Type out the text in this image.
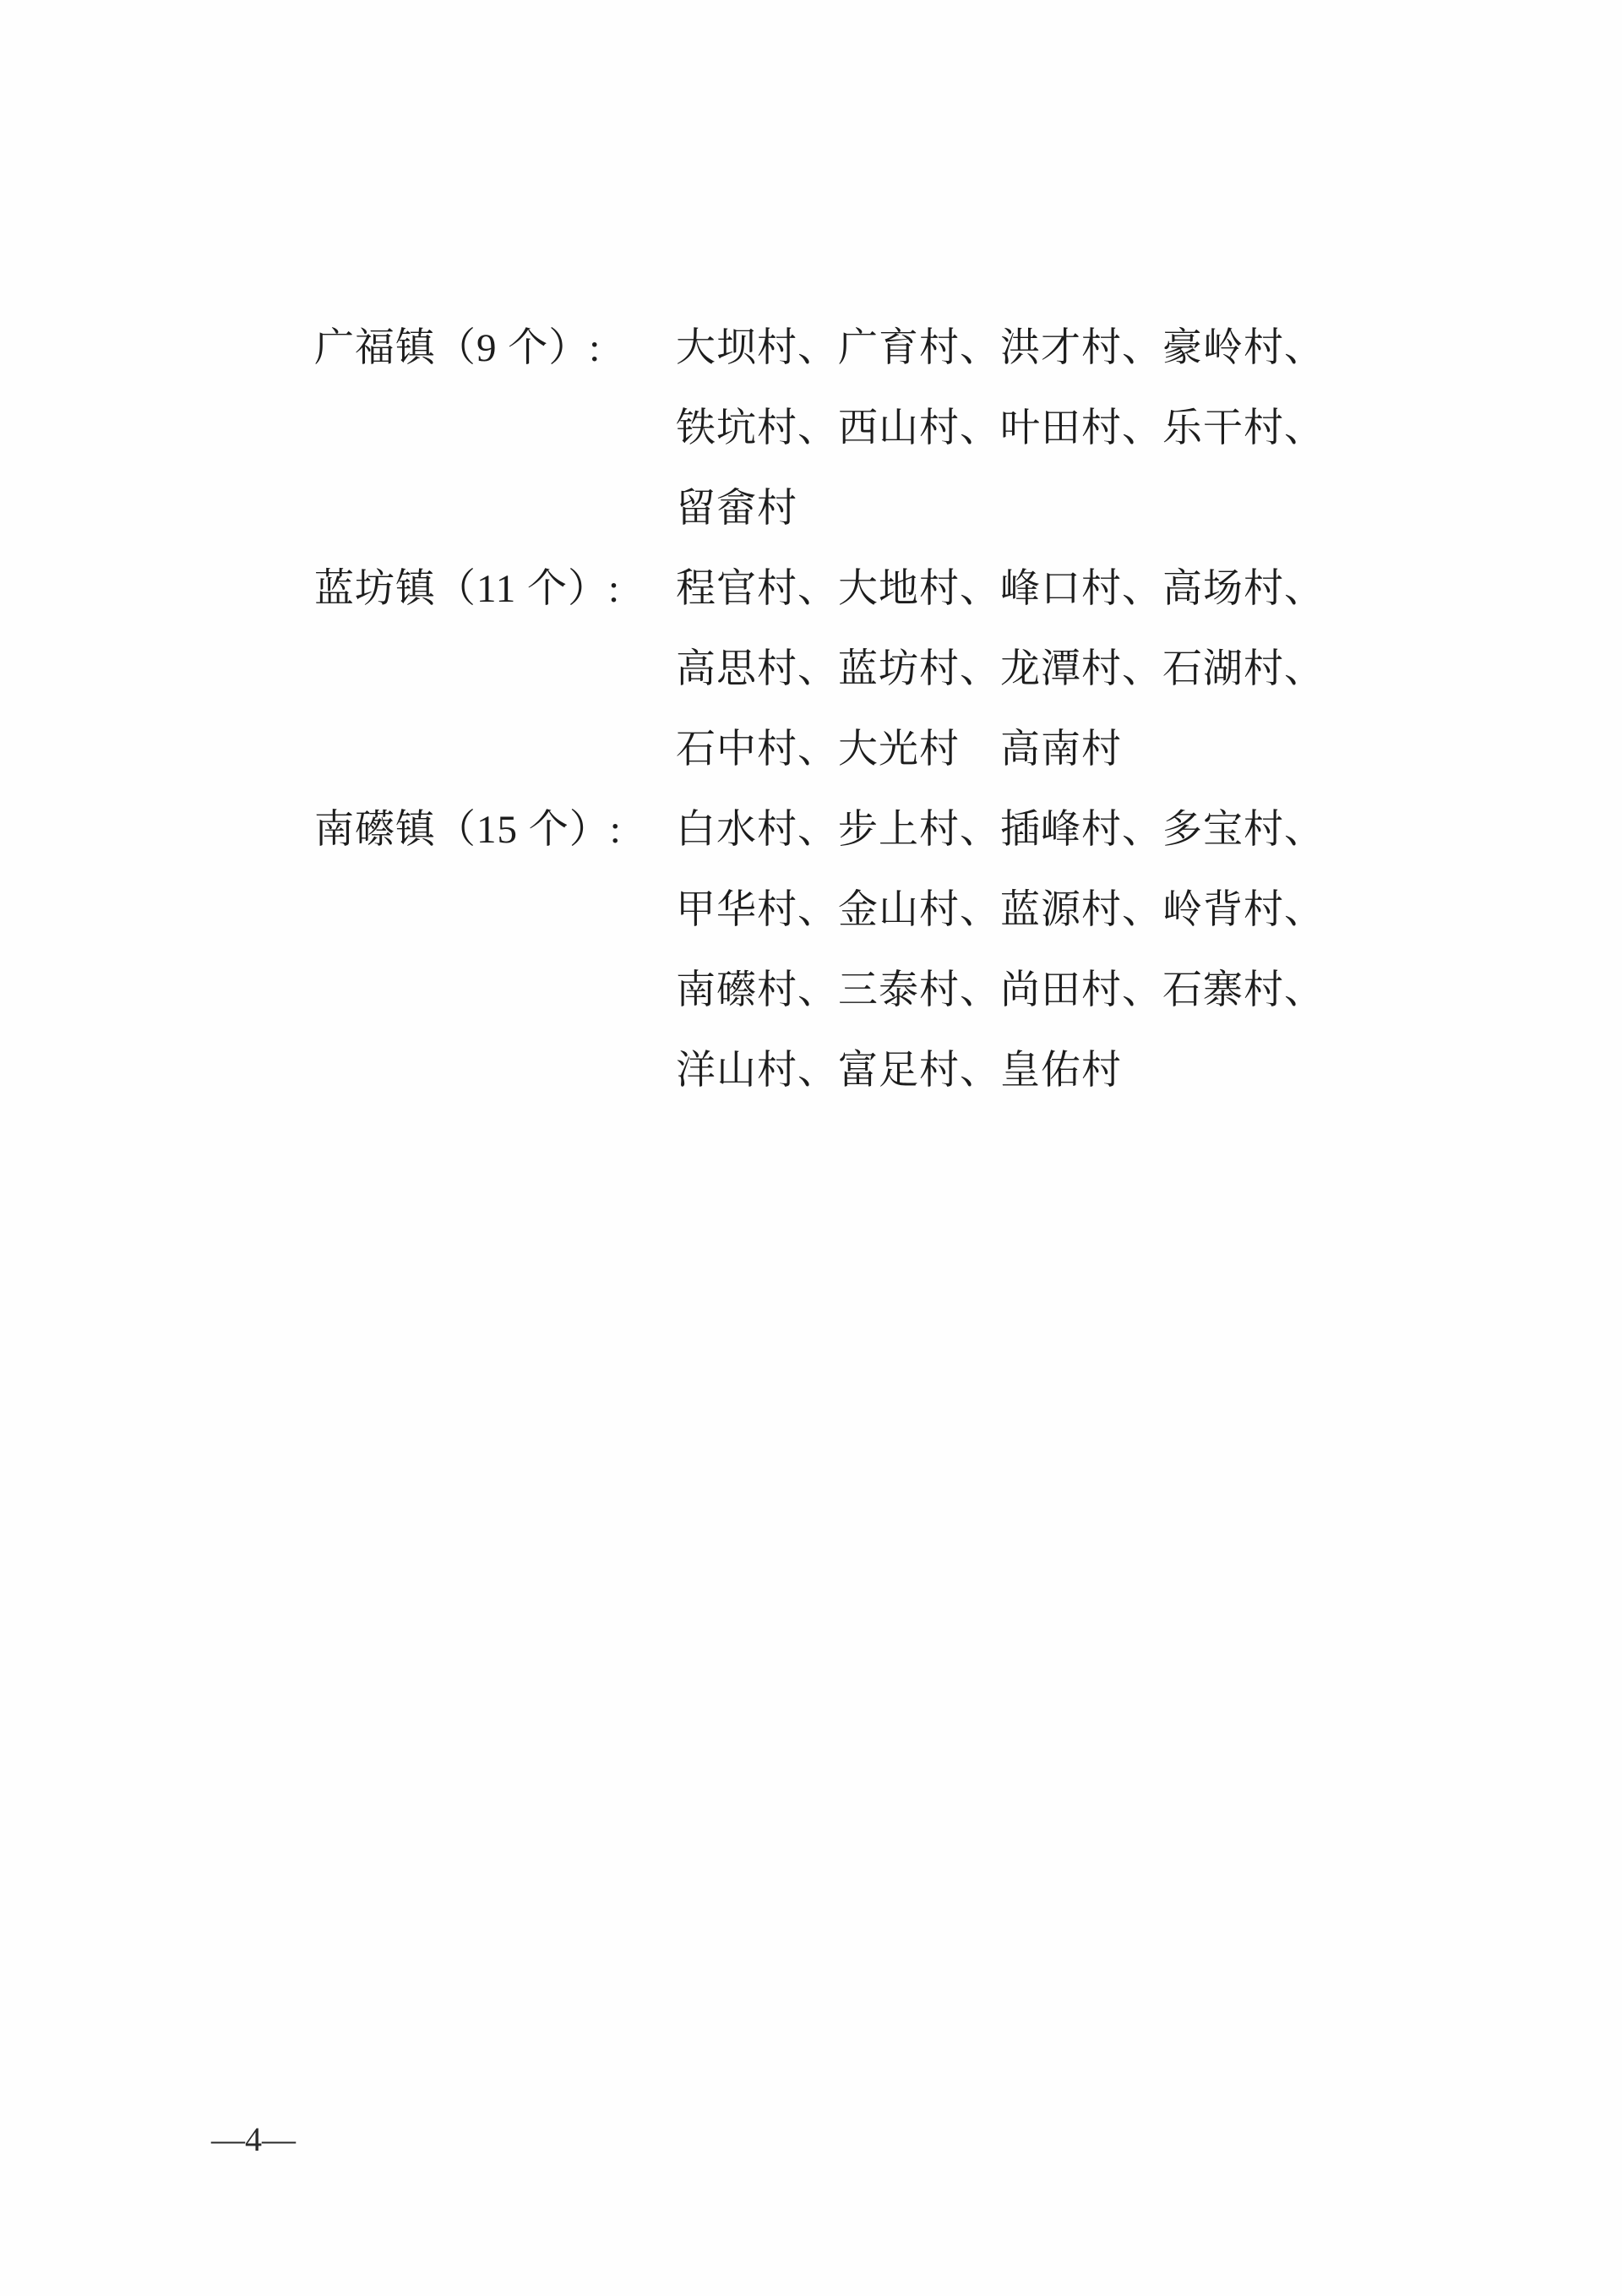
广福镇（9 个）:	大坝村、广育村、洪才村、豪岭村、
铁坑村、西山村、叶田村、乐干村、
留畲村
蓝坊镇（11 个）:	程官村、大地村、峰口村、高场村、
高思村、蓝坊村、龙潭村、石湖村、
石中村、大光村　高南村
南礤镇（15 个）:	白水村、步上村、插峰村、多宝村、
甲华村、金山村、蓝源村、岭背村、
南礤村、三泰村、尚田村、石寨村、
洋山村、富足村、皇佑村
—4—
